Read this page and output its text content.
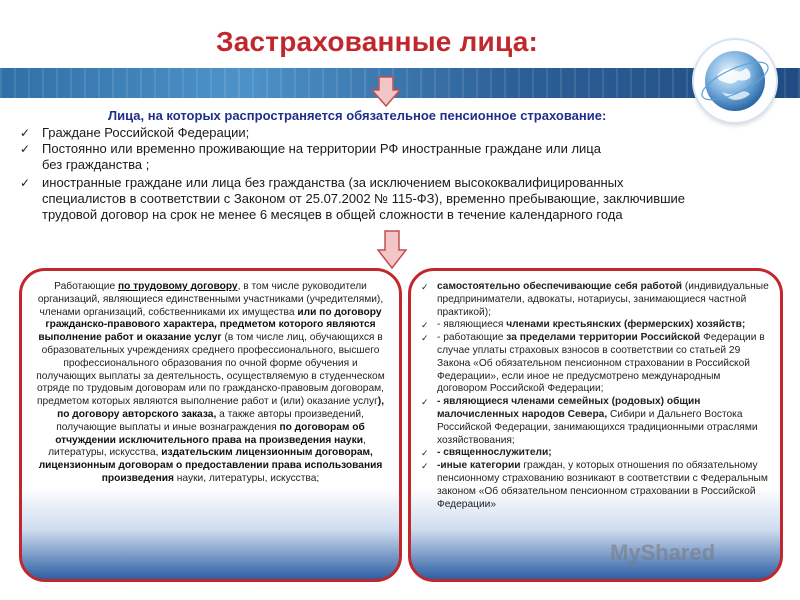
Застрахованные лица:
Лица, на которых распространяется обязательное пенсионное страхование:
✓ Граждане Российской Федерации;
✓ Постоянно или временно проживающие на территории РФ иностранные граждане или лица
без гражданства ;
✓ иностранные граждане или лица без гражданства (за исключением высококвалифицированных
специалистов в соответствии с Законом от 25.07.2002 № 115-ФЗ), временно пребывающие, заключившие
трудовой договор на срок не менее 6 месяцев в общей сложности в течение календарного года
Работающие по трудовому договору, в том числе руководители организаций, являющиеся единственными участниками (учредителями), членами организаций, собственниками их имущества или по договору гражданско-правового характера, предметом которого являются выполнение работ и оказание услуг (в том числе лиц, обучающихся в образовательных учреждениях среднего профессионального, высшего профессионального образования по очной форме обучения и получающих выплаты за деятельность, осуществляемую в студенческом отряде по трудовым договорам или по гражданско-правовым договорам, предметом которых являются выполнение работ и (или) оказание услуг), по договору авторского заказа, а также авторы произведений, получающие выплаты и иные вознаграждения по договорам об отчуждении исключительного права на произведения науки, литературы, искусства, издательским лицензионным договорам, лицензионным договорам о предоставлении права использования произведения науки, литературы, искусства;
✓ самостоятельно обеспечивающие себя работой (индивидуальные предприниматели, адвокаты, нотариусы, занимающиеся частной практикой);
✓ - являющиеся членами крестьянских (фермерских) хозяйств;
✓ - работающие за пределами территории Российской Федерации в случае уплаты страховых взносов в соответствии со статьей 29 Закона «Об обязательном пенсионном страховании в Российской Федерации», если иное не предусмотрено международным договором Российской Федерации;
✓ - являющиеся членами семейных (родовых) общин малочисленных народов Севера, Сибири и Дальнего Востока Российской Федерации, занимающихся традиционными отраслями хозяйствования;
✓ - священнослужители;
✓ -иные категории граждан, у которых отношения по обязательному пенсионному страхованию возникают в соответствии с Федеральным законом «Об обязательном пенсионном страховании в Российской Федерации»
MyShared
